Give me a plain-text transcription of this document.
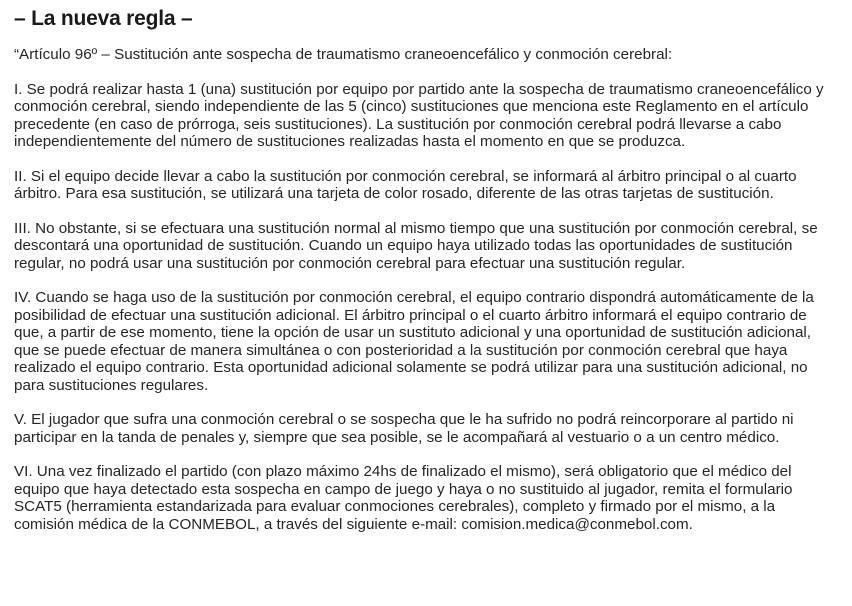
– La nueva regla –

“Artículo 96º – Sustitución ante sospecha de traumatismo craneoencefálico y conmoción cerebral:

I. Se podrá realizar hasta 1 (una) sustitución por equipo por partido ante la sospecha de traumatismo craneoencefálico y conmoción cerebral, siendo independiente de las 5 (cinco) sustituciones que menciona este Reglamento en el artículo precedente (en caso de prórroga, seis sustituciones). La sustitución por conmoción cerebral podrá llevarse a cabo independientemente del número de sustituciones realizadas hasta el momento en que se produzca.

II. Si el equipo decide llevar a cabo la sustitución por conmoción cerebral, se informará al árbitro principal o al cuarto árbitro. Para esa sustitución, se utilizará una tarjeta de color rosado, diferente de las otras tarjetas de sustitución.

III. No obstante, si se efectuara una sustitución normal al mismo tiempo que una sustitución por conmoción cerebral, se descontará una oportunidad de sustitución. Cuando un equipo haya utilizado todas las oportunidades de sustitución regular, no podrá usar una sustitución por conmoción cerebral para efectuar una sustitución regular.

IV. Cuando se haga uso de la sustitución por conmoción cerebral, el equipo contrario dispondrá automáticamente de la posibilidad de efectuar una sustitución adicional. El árbitro principal o el cuarto árbitro informará el equipo contrario de que, a partir de ese momento, tiene la opción de usar un sustituto adicional y una oportunidad de sustitución adicional, que se puede efectuar de manera simultánea o con posterioridad a la sustitución por conmoción cerebral que haya realizado el equipo contrario. Esta oportunidad adicional solamente se podrá utilizar para una sustitución adicional, no para sustituciones regulares.

V. El jugador que sufra una conmoción cerebral o se sospecha que le ha sufrido no podrá reincorporare al partido ni participar en la tanda de penales y, siempre que sea posible, se le acompañará al vestuario o a un centro médico.

VI. Una vez finalizado el partido (con plazo máximo 24hs de finalizado el mismo), será obligatorio que el médico del equipo que haya detectado esta sospecha en campo de juego y haya o no sustituido al jugador, remita el formulario SCAT5 (herramienta estandarizada para evaluar conmociones cerebrales), completo y firmado por el mismo, a la comisión médica de la CONMEBOL, a través del siguiente e-mail: comision.medica@conmebol.com.
